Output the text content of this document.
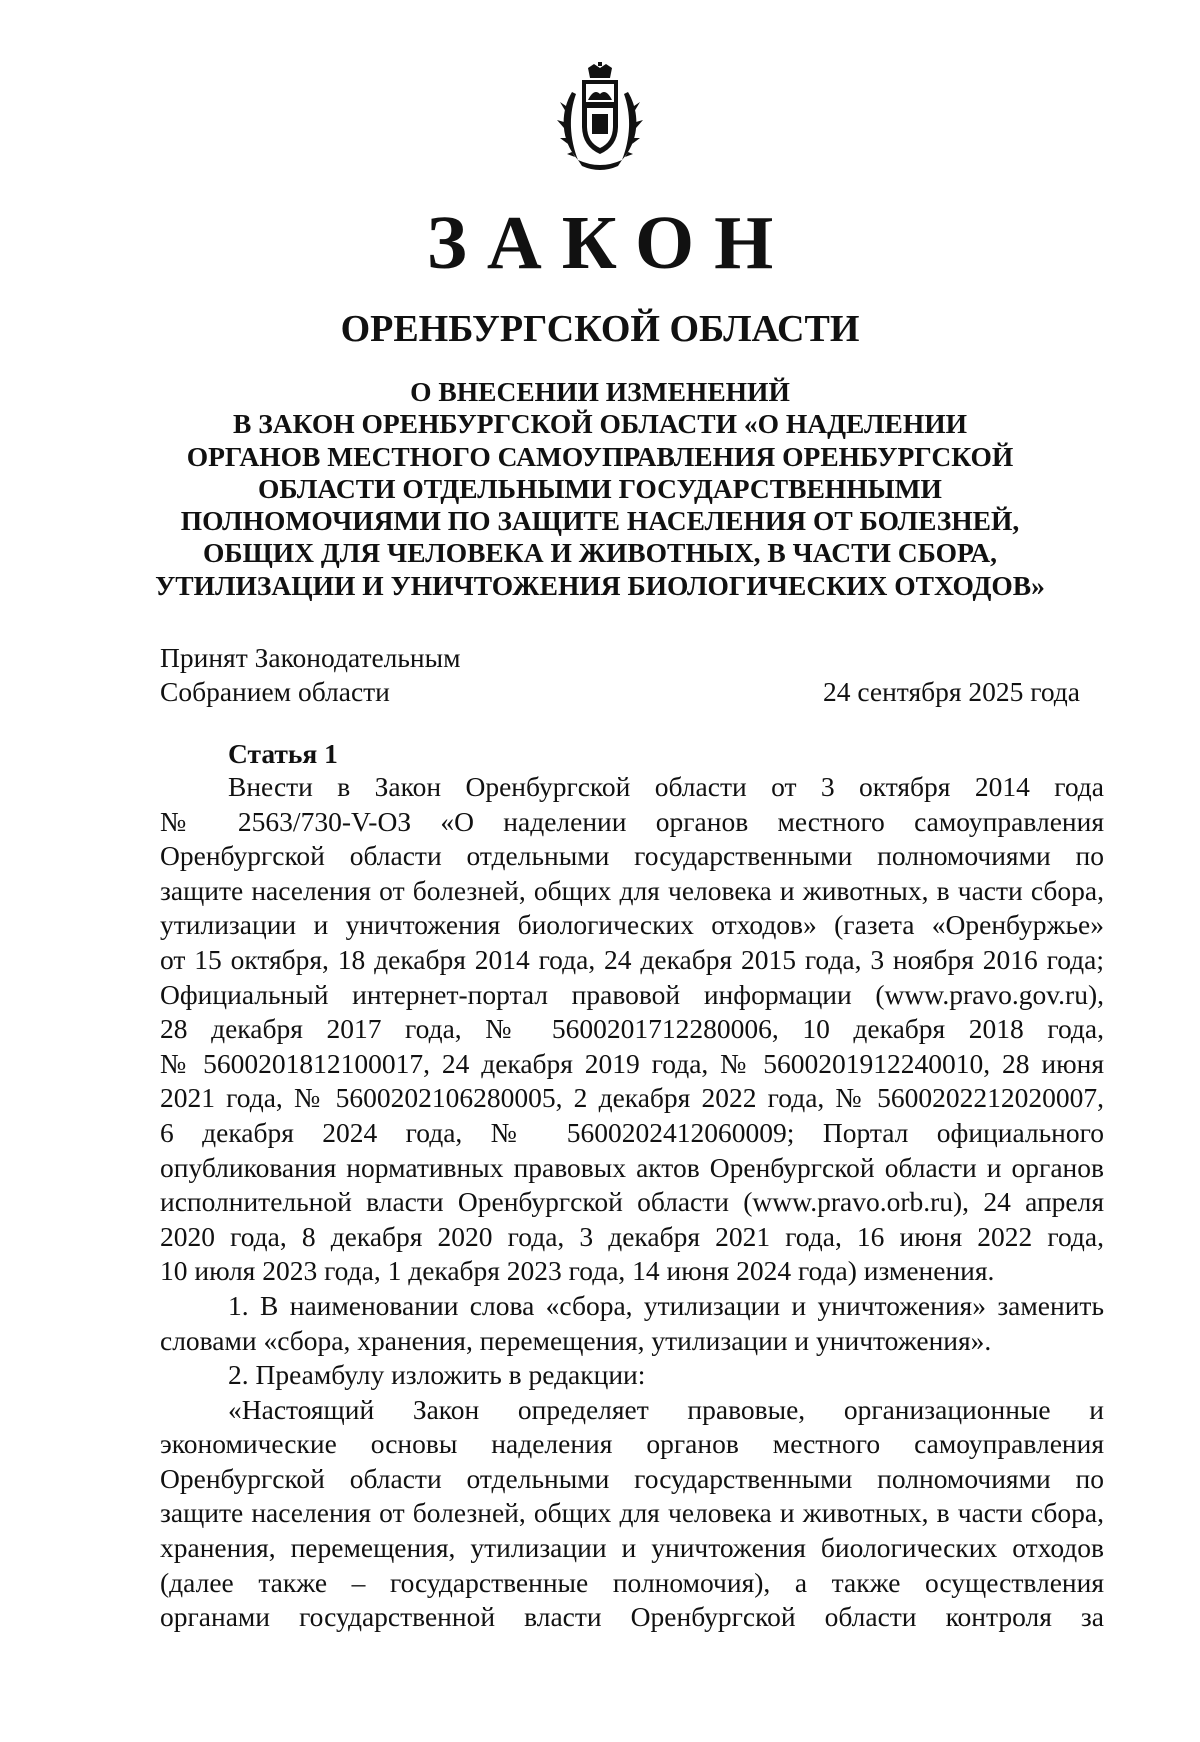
ЗАКОН
ОРЕНБУРГСКОЙ ОБЛАСТИ
О ВНЕСЕНИИ ИЗМЕНЕНИЙ
В ЗАКОН ОРЕНБУРГСКОЙ ОБЛАСТИ «О НАДЕЛЕНИИ
ОРГАНОВ МЕСТНОГО САМОУПРАВЛЕНИЯ ОРЕНБУРГСКОЙ
ОБЛАСТИ ОТДЕЛЬНЫМИ ГОСУДАРСТВЕННЫМИ
ПОЛНОМОЧИЯМИ ПО ЗАЩИТЕ НАСЕЛЕНИЯ ОТ БОЛЕЗНЕЙ,
ОБЩИХ ДЛЯ ЧЕЛОВЕКА И ЖИВОТНЫХ, В ЧАСТИ СБОРА,
УТИЛИЗАЦИИ И УНИЧТОЖЕНИЯ БИОЛОГИЧЕСКИХ ОТХОДОВ»
Принят Законодательным
Собранием области	24 сентября 2025 года
Статья 1
Внести в Закон Оренбургской области от 3 октября 2014 года
№ 2563/730-V-ОЗ «О наделении органов местного самоуправления
Оренбургской области отдельными государственными полномочиями по
защите населения от болезней, общих для человека и животных, в части сбора,
утилизации и уничтожения биологических отходов» (газета «Оренбуржье»
от 15 октября, 18 декабря 2014 года, 24 декабря 2015 года, 3 ноября 2016 года;
Официальный интернет-портал правовой информации (www.pravo.gov.ru),
28 декабря 2017 года, № 5600201712280006, 10 декабря 2018 года,
№ 5600201812100017, 24 декабря 2019 года, № 5600201912240010, 28 июня
2021 года, № 5600202106280005, 2 декабря 2022 года, № 5600202212020007,
6 декабря 2024 года, № 5600202412060009; Портал официального
опубликования нормативных правовых актов Оренбургской области и органов
исполнительной власти Оренбургской области (www.pravo.orb.ru), 24 апреля
2020 года, 8 декабря 2020 года, 3 декабря 2021 года, 16 июня 2022 года,
10 июля 2023 года, 1 декабря 2023 года, 14 июня 2024 года) изменения.
1. В наименовании слова «сбора, утилизации и уничтожения» заменить
словами «сбора, хранения, перемещения, утилизации и уничтожения».
2. Преамбулу изложить в редакции:
«Настоящий Закон определяет правовые, организационные и
экономические основы наделения органов местного самоуправления
Оренбургской области отдельными государственными полномочиями по
защите населения от болезней, общих для человека и животных, в части сбора,
хранения, перемещения, утилизации и уничтожения биологических отходов
(далее также – государственные полномочия), а также осуществления
органами государственной власти Оренбургской области контроля за
